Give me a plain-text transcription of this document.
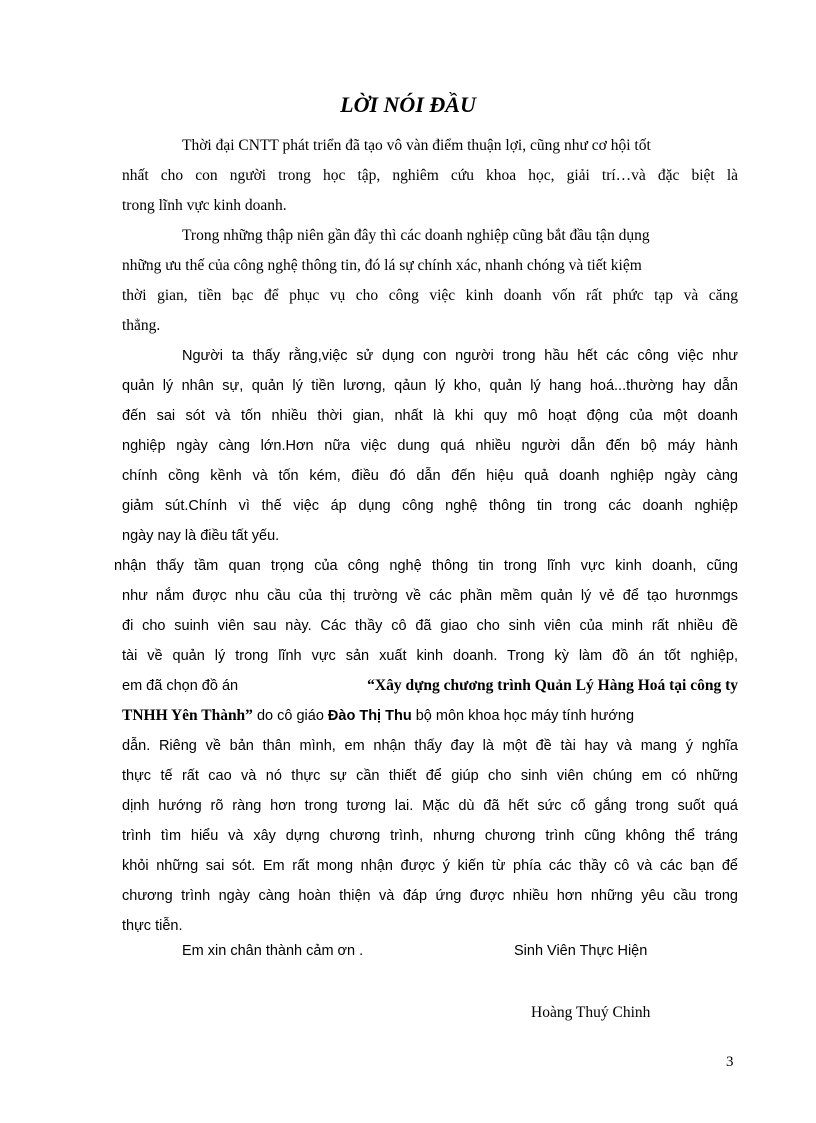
LỜI NÓI ĐẦU
Thời đại CNTT phát triển đã tạo vô vàn điểm thuận lợi, cũng như cơ hội tốt
nhất cho con người trong học tập, nghiêm cứu khoa học, giải trí…và đặc biệt là
trong lĩnh vực kinh doanh.
Trong những thập niên gần đây thì các doanh nghiệp cũng bắt đầu tận dụng
những ưu thế của công nghệ thông tin, đó lá sự chính xác, nhanh chóng và tiết kiệm
thời gian, tiền bạc để phục vụ cho công việc kinh doanh vốn rất phức tạp và căng
thẳng.
Người ta thấy rằng,việc sử dụng con người trong hầu hết các công việc như
quản lý nhân sự, quản lý tiền lương, qảun lý kho, quản lý hang hoá...thường hay dẫn
đến sai sót và tốn nhiều thời gian, nhất là khi quy mô hoạt động của một doanh
nghiệp ngày càng lớn.Hơn nữa việc dung quá nhiều người dẫn đến bộ máy hành
chính cồng kềnh và tốn kém, điều đó dẫn đến hiệu quả doanh nghiệp ngày càng
giảm sút.Chính vì thế việc áp dụng công nghệ thông tin trong các doanh nghiệp
ngày nay là điều tất yếu.
nhận thấy tầm quan trọng của công nghệ thông tin trong lĩnh vực kinh doanh, cũng
như nắm được nhu cầu của thị trường về các phần mềm quản lý vẻ để tạo hươnmgs
đi cho suinh viên sau này. Các thầy cô đã giao cho sinh viên của minh rất nhiều đề
tài về quản lý trong lĩnh vực sản xuất kinh doanh. Trong kỳ làm đồ án tốt nghiệp,
em đã chọn đồ án	“Xây dựng chương trình Quản Lý Hàng Hoá tại công ty
TNHH Yên Thành” do cô giáo Đào Thị Thu bộ môn khoa học máy tính hướng
dẫn. Riêng về bản thân mình, em nhận thấy đay là một đề tài hay và mang ý nghĩa
thực tế rất cao và nó thực sự cần thiết để giúp cho sinh viên chúng em có những
dịnh hướng rõ ràng hơn trong tương lai. Mặc dù đã hết sức cố gắng trong suốt quá
trình tìm hiểu và xây dựng chương trình, nhưng chương trình cũng không thể tráng
khỏi những sai sót. Em rất mong nhận được ý kiến từ phía các thầy cô và các bạn để
chương trình ngày càng hoàn thiện và đáp ứng được nhiều hơn những yêu cầu trong
thực tiễn.
Em xin chân thành cảm ơn .	Sinh Viên Thực Hiện
Hoàng Thuý Chinh
3
